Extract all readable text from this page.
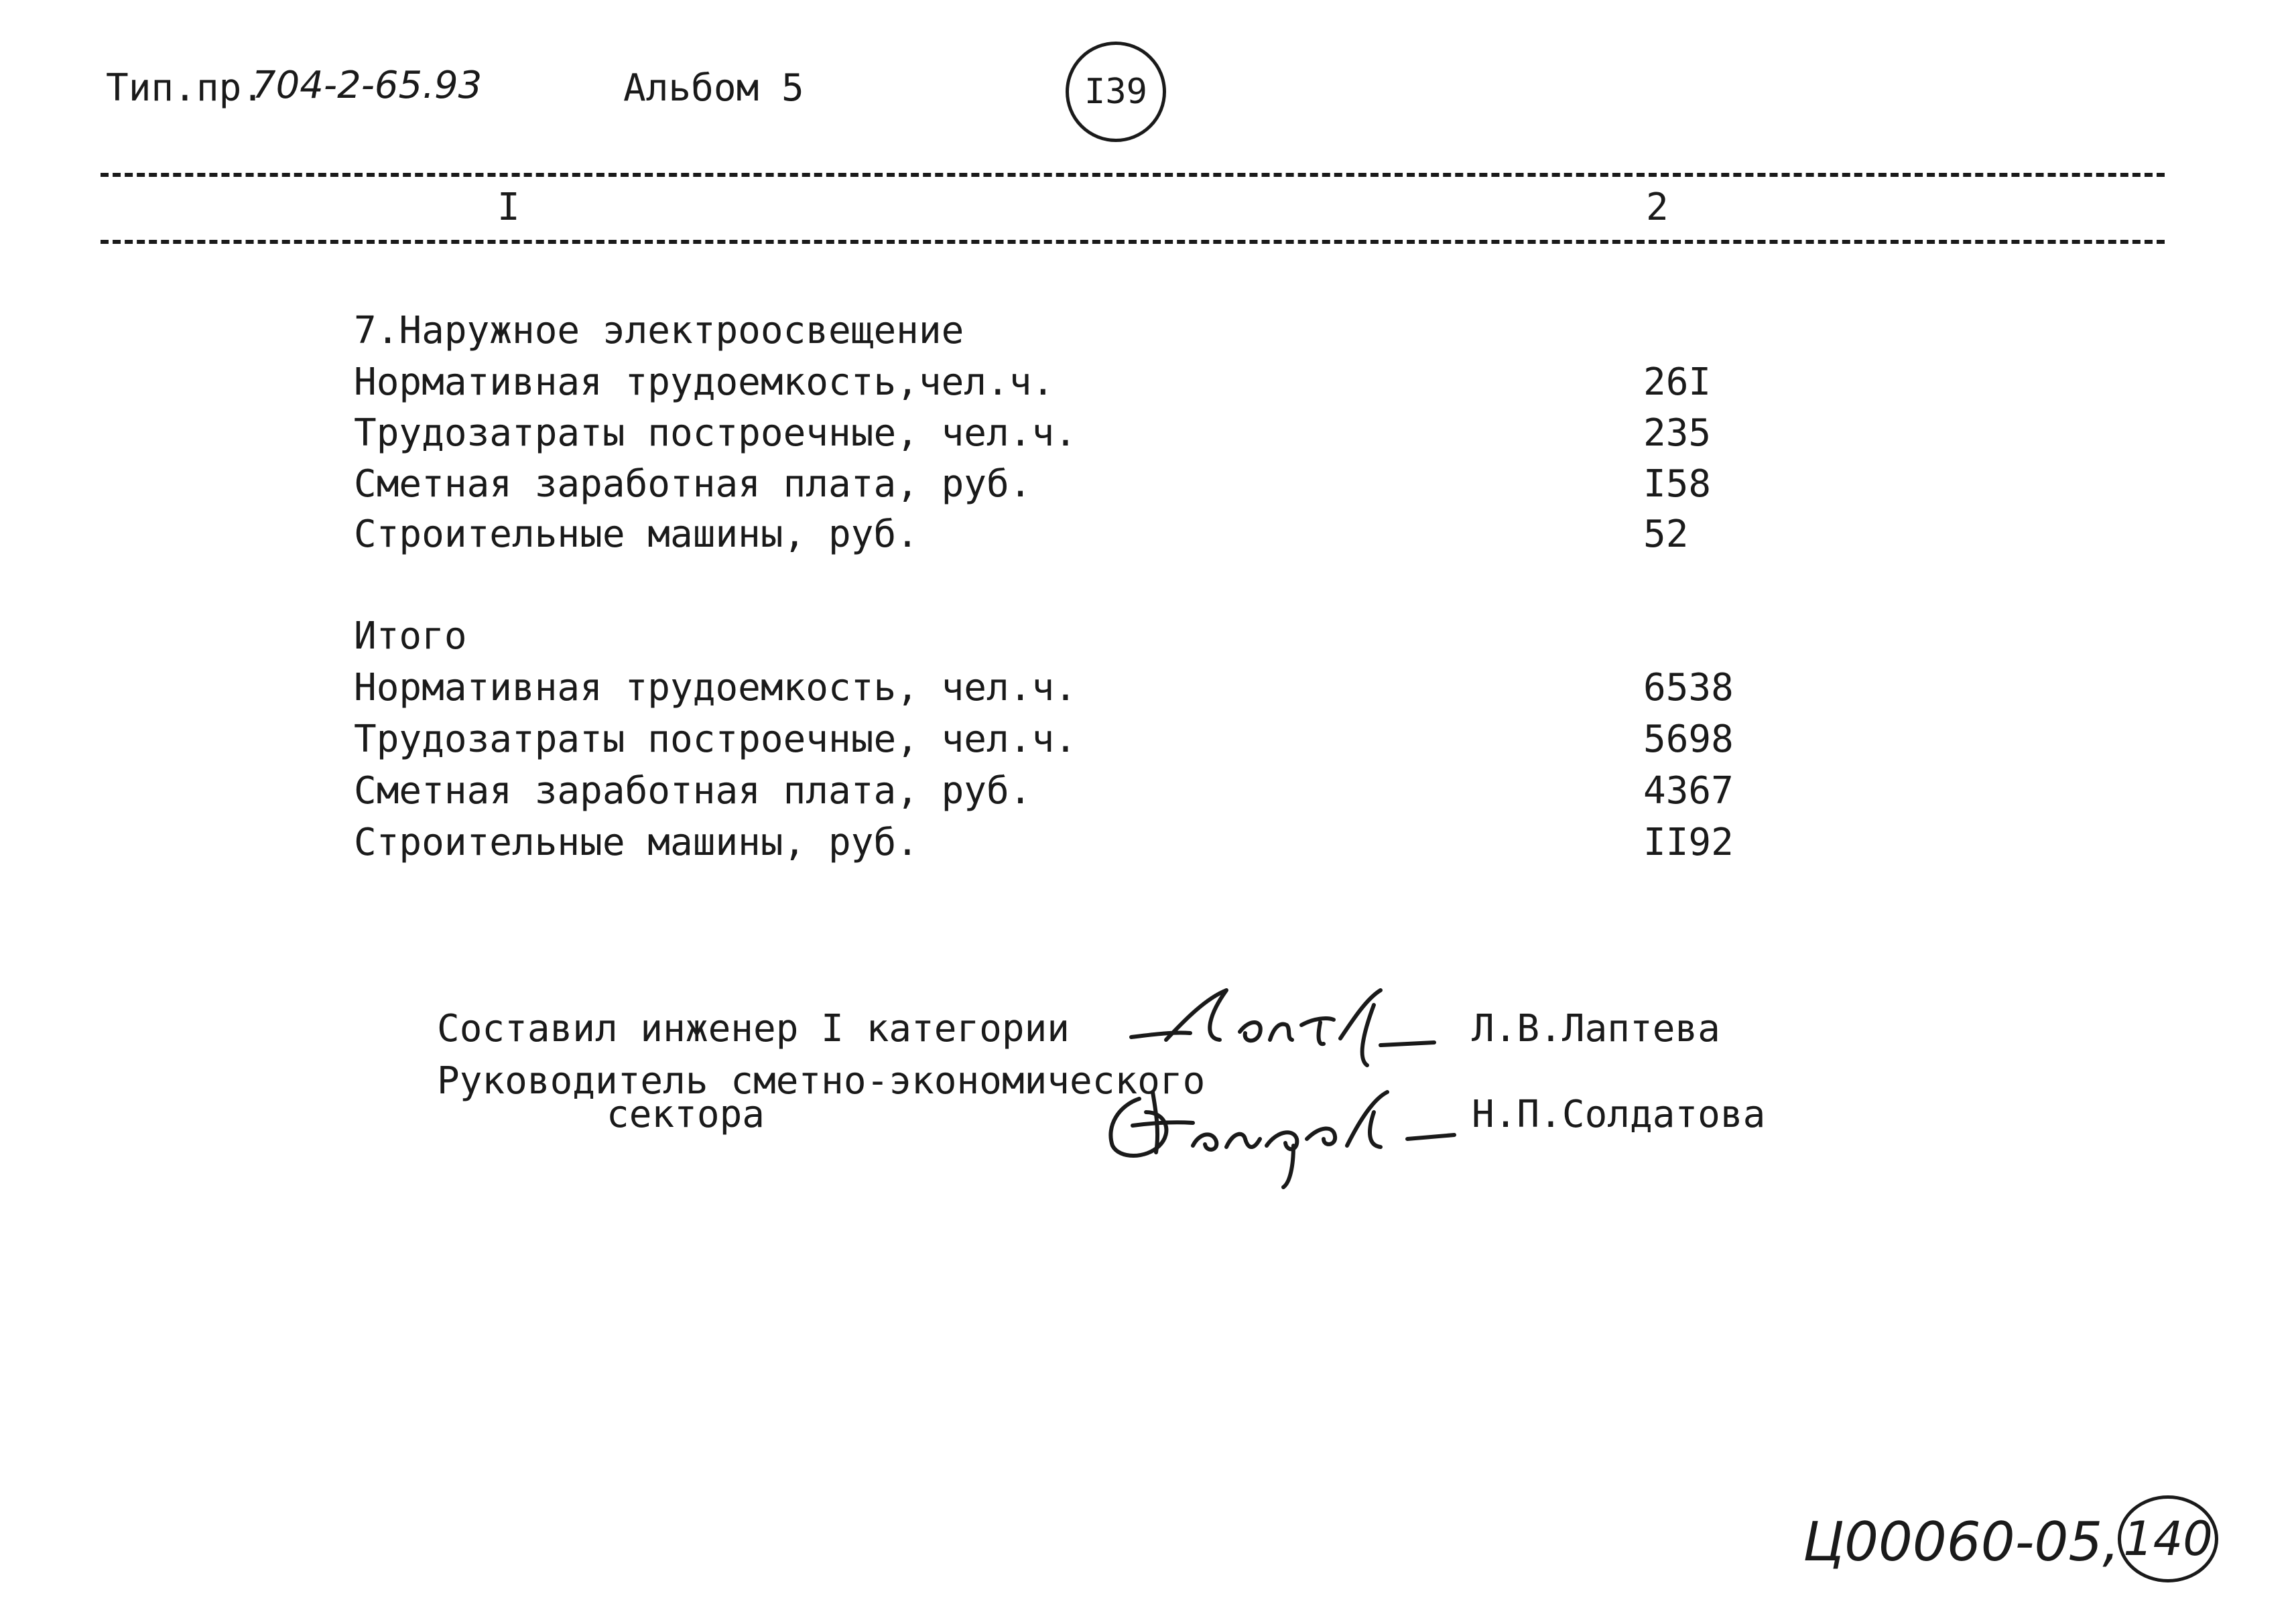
Тип.пр.
704-2-65.93	Альбом 5	I39
I	2
7.Наружное электроосвещение
Нормативная трудоемкость,чел.ч.	26I
Трудозатраты построечные, чел.ч.	235
Сметная заработная плата, руб.	I58
Строительные машины, руб.	52
Итого
Нормативная трудоемкость, чел.ч.	6538
Трудозатраты построечные, чел.ч.	5698
Сметная заработная плата, руб.	4367
Строительные машины, руб.	II92
Составил инженер I категории	Л.В.Лаптева
Руководитель сметно-экономического
сектора	Н.П.Солдатова
Ц00060-05, 140
